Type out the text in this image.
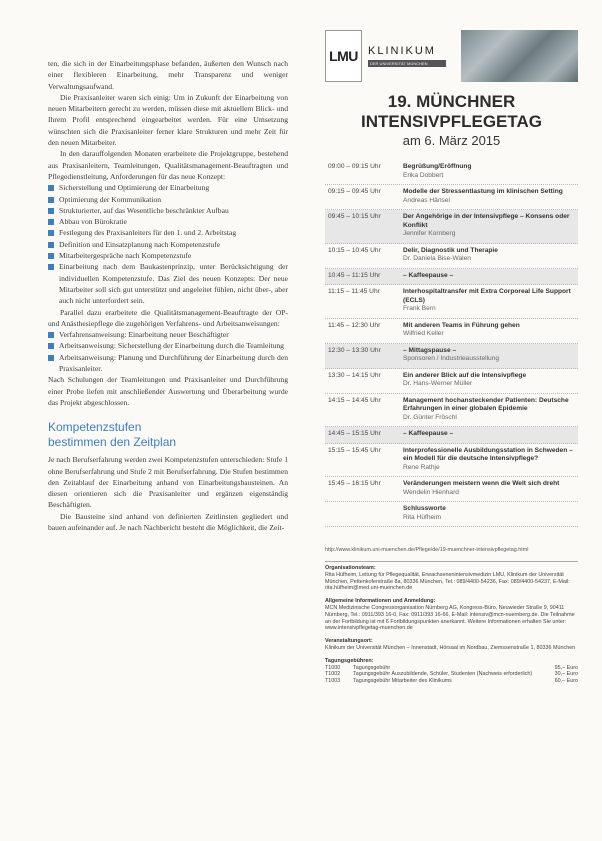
ten, die sich in der Einarbeitungsphase befanden, äußerten den Wunsch nach einer flexibleren Einarbeitung, mehr Transparenz und weniger Verwaltungsaufwand.

Die Praxisanleiter waren sich einig: Um in Zukunft der Einarbeitung von neuen Mitarbeitern gerecht zu werden, müssen diese mit aktuellem Blick- und Ihrem Profil entsprechend eingearbeitet werden. Für eine Umsetzung wünschten sich die Praxisanleiter ferner klare Strukturen und mehr Zeit für den neuen Mitarbeiter.

In den darauffolgenden Monaten erarbeitete die Projektgruppe, bestehend aus Praxisanleitern, Teamleitungen, Qualitätsmanagement-Beauftragten und Pflegedienstleitung, Anforderungen für das neue Konzept:

Sicherstellung und Optimierung der Einarbeitung
Optimierung der Kommunikation
Strukturierter, auf das Wesentliche beschränkter Aufbau
Abbau von Bürokratie
Festlegung des Praxisanleiters für den 1. und 2. Arbeitstag
Definition und Einsatzplanung nach Kompetenzstufe
Mitarbeitergespräche nach Kompetenzstufe
Einarbeitung nach dem Baukastenprinzip, unter Berücksichtigung der individuellen Kompetenzstufe. Das Ziel des neuen Konzepts: Der neue Mitarbeiter soll sich gut unterstützt und angeleitet fühlen, nicht über-, aber auch nicht unterfordert sein.

Parallel dazu erarbeitete die Qualitätsmanagement-Beauftragte der OP- und Anästhesiepflege die zugehörigen Verfahrens- und Arbeitsanweisungen:

Verfahrensanweisung: Einarbeitung neuer Beschäftigter
Arbeitsanweisung: Sicherstellung der Einarbeitung durch die Teamleitung
Arbeitsanweisung: Planung und Durchführung der Einarbeitung durch den Praxisanleiter.

Nach Schulungen der Teamleitungen und Praxisanleiter und Durchführung einer Probe liefen mit anschließender Auswertung und Überarbeitung wurde das Projekt abgeschlossen.

Kompetenzstufen
bestimmen den Zeitplan

Je nach Berufserfahrung werden zwei Kompetenzstufen unterschieden: Stufe 1 ohne Berufserfahrung und Stufe 2 mit Berufserfahrung. Die Stufen bestimmen den Zeitablauf der Einarbeitung anhand von Einarbeitungsbausteinen. An diesen orientieren sich die Praxisanleiter und ergänzen eigenständig Beschäftigten.

Die Bausteine sind anhand von definierten Zeitlinsten gegliedert und bauen aufeinander auf. Je nach Nachbericht besteht die Möglichkeit, die Zeit-

LMU KLINIKUM
DER UNIVERSITÄT MÜNCHEN
19. MÜNCHNER
INTENSIVPFLEGETAG
am 6. März 2015
09:00 – 09:15 Uhr	Begrüßung/Eröffnung
Erika Dobbert
09:15 – 09:45 Uhr	Modelle der Stressentlastung im klinischen Setting
Andreas Hänsel
09:45 – 10:15 Uhr	Der Angehörige in der Intensivpflege – Konsens oder Konflikt
Jennifer Kornberg
10:15 – 10:45 Uhr	Delir, Diagnostik und Therapie
Dr. Daniela Bise-Walen
10:45 – 11:15 Uhr	– Kaffeepause –
11:15 – 11:45 Uhr	Interhospitaltransfer mit Extra Corporeal Life Support (ECLS)
Frank Bern
11:45 – 12:30 Uhr	Mit anderen Teams in Führung gehen
Wilfried Keller
12:30 – 13:30 Uhr	– Mittagspause –
Sponsoren / Industrieausstellung
13:30 – 14:15 Uhr	Ein anderer Blick auf die Intensivpflege
Dr. Hans-Werner Müller
14:15 – 14:45 Uhr	Management hochansteckender Patienten: Deutsche Erfahrungen in einer globalen Epidemie
Dr. Günter Fröschl
14:45 – 15:15 Uhr	– Kaffeepause –
15:15 – 15:45 Uhr	Interprofessionelle Ausbildungsstation in Schweden – ein Modell für die deutsche Intensivpflege?
Rene Rathje
15:45 – 16:15 Uhr	Veränderungen meistern wenn die Welt sich dreht
Wendelin Hienhard
Schlussworte
Rita Hüfheim
http://www.klinikum.uni-muenchen.de/Pflege/de/19-muenchner-intensivpflegetag.html
Organisationsteam:
Rita Hüfheim, Leitung für Pflegequalität, Erwachsenenintensivmedizin LMU, Klinikum der Universität München, Pettenkoferstraße 8a, 80336 München, Tel.: 089/4400-54236, Fax: 089/4400-54237, E-Mail: rita.hüfheim@med.uni-muenchen.de
Allgemeine Informationen und Anmeldung:
MCN Medizinische Congressorganisation Nürnberg AG, Kongress-Büro, Neuwieder Straße 9, 90411 Nürnberg, Tel.: 0911/393 16-0, Fax: 0911/393 16-66, E-Mail: intensiv@mcn-nuernberg.de. Die Teilnahme an der Fortbildung ist mit 6 Fortbildungspunkten anerkannt. Weitere Informationen erhalten Sie unter: www.intensivpflegetag-muenchen.de
Veranstaltungsort:
Klinikum der Universität München – Innenstadt, Hörsaal im Nordbau, Ziemssenstraße 1, 80336 München
Tagungsgebühren:
T1000	Tagungsgebühr	95,– Euro
T1002	Tagungsgebühr Auszubildende, Schüler, Studenten (Nachweis erforderlich)	30,– Euro
T1003	Tagungsgebühr Mitarbeiter des Klinikums	60,– Euro
